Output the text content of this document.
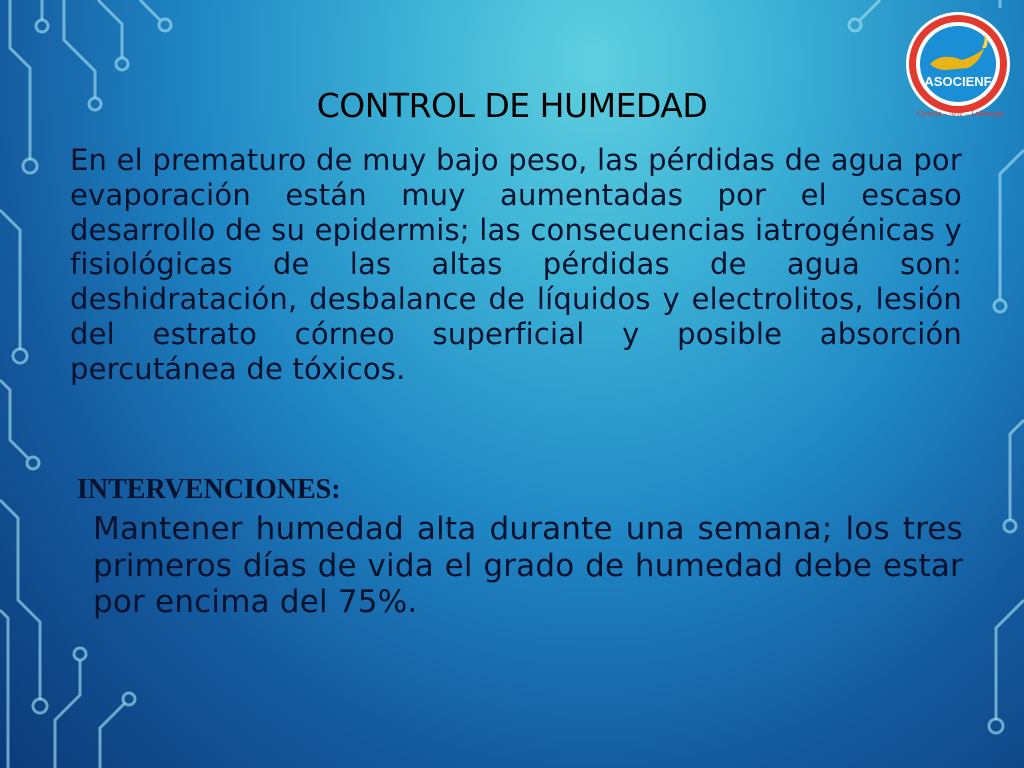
ASOCIENF
Ciencia – Arte – Liderazgo
CONTROL DE HUMEDAD
En el prematuro de muy bajo peso, las pérdidas de agua por evaporación están muy aumentadas por el escaso desarrollo de su epidermis; las consecuencias iatrogénicas y fisiológicas de las altas pérdidas de agua son: deshidratación, desbalance de líquidos y electrolitos, lesión del estrato córneo superficial y posible absorción percutánea de tóxicos.
INTERVENCIONES:
Mantener humedad alta durante una semana; los tres primeros días de vida el grado de humedad debe estar por encima del 75%.
